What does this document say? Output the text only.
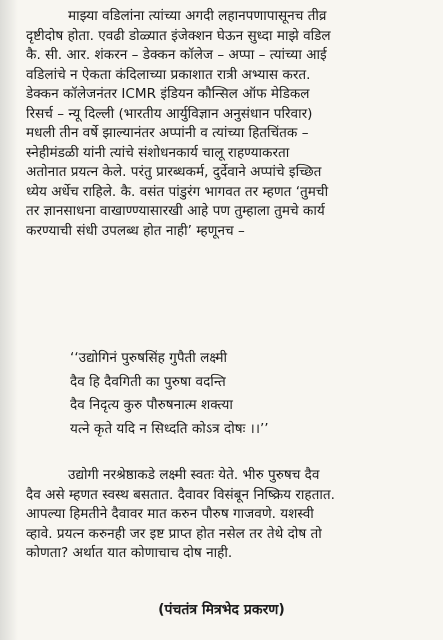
माझ्या वडिलांना त्यांच्या अगदी लहानपणापासूनच तीव्र
दृष्टीदोष होता. एवढी डोळ्यात इंजेक्शन घेऊन सुध्दा माझे वडिल
कै. सी. आर. शंकरन – डेक्कन कॉलेज – अप्पा – त्यांच्या आई
वडिलांचे न ऐकता कंदिलाच्या प्रकाशात रात्री अभ्यास करत.
डेक्कन कॉलेजनंतर ICMR इंडियन कौन्सिल ऑफ मेडिकल
रिसर्च – न्यू दिल्ली (भारतीय आर्युविज्ञान अनुसंधान परिवार)
मधली तीन वर्षे झाल्यानंतर अप्पांनी व त्यांच्या हितचिंतक –
स्नेहीमंडळी यांनी त्यांचे संशोधनकार्य चालू राहण्याकरता
अतोनात प्रयत्न केले. परंतु प्रारब्धकर्म, दुर्देवाने अप्पांचे इच्छित
ध्येय अर्धेच राहिले. कै. वसंत पांडुरंग भागवत तर म्हणत ‘तुमची
तर ज्ञानसाधना वाखाण्ण्यासारखी आहे पण तुम्हाला तुमचे कार्य
करण्याची संधी उपलब्ध होत नाही’ म्हणूनच –
‘‘उद्योगिनं पुरुषसिंह गुपैती लक्ष्मी
दैव हि दैवगिती का पुरुषा वदन्ति
दैव निदृत्य कुरु पौरुषनात्म शक्त्या
यत्ने कृते यदि न सिध्दति कोऽत्र दोषः ।।’’
उद्योगी नरश्रेष्ठाकडे लक्ष्मी स्वतः येते. भीरु पुरुषच दैव
दैव असे म्हणत स्वस्थ बसतात. दैवावर विसंबून निष्क्रिय राहतात.
आपल्या हिमतीने दैवावर मात करुन पौरुष गाजवणे. यशस्वी
व्हावे. प्रयत्न करुनही जर इष्ट प्राप्त होत नसेल तर तेथे दोष तो
कोणता? अर्थात यात कोणाचाच दोष नाही.
(पंचतंत्र मित्रभेद प्रकरण)
